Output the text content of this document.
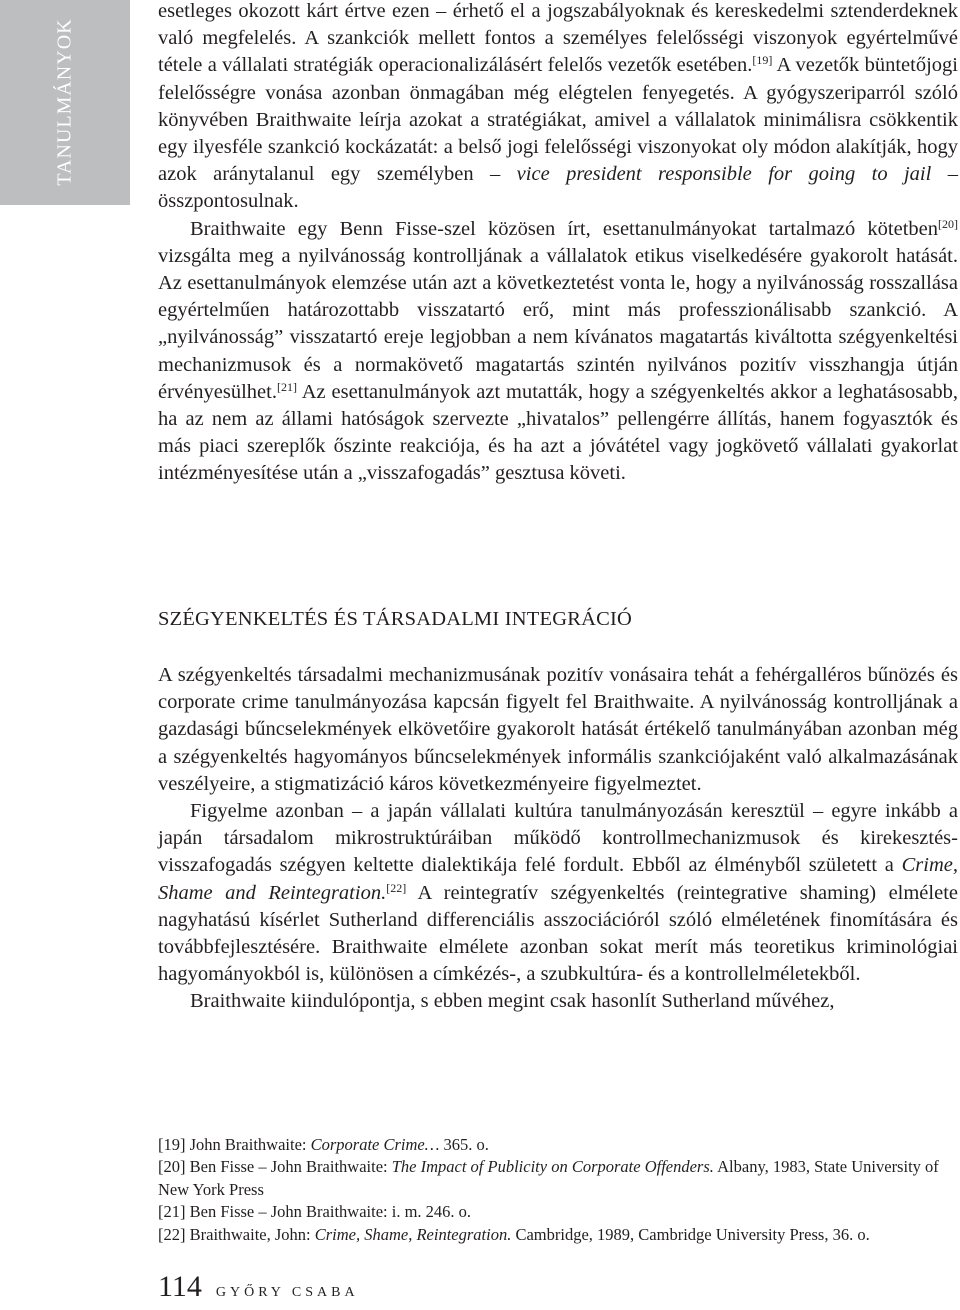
TANULMÁNYOK

esetleges okozott kárt értve ezen – érhető el a jogszabályoknak és kereskedelmi sztenderdeknek való megfelelés. A szankciók mellett fontos a személyes felelősségi viszonyok egyértelművé tétele a vállalati stratégiák operacionalizálásért felelős vezetők esetében.[19] A vezetők büntetőjogi felelősségre vonása azonban önmagában még elégtelen fenyegetés. A gyógyszeriparról szóló könyvében Braithwaite leírja azokat a stratégiákat, amivel a vállalatok minimálisra csökkentik egy ilyesféle szankció kockázatát: a belső jogi felelősségi viszonyokat oly módon alakítják, hogy azok aránytalanul egy személyben – vice president responsible for going to jail – összpontosulnak.

Braithwaite egy Benn Fisse-szel közösen írt, esettanulmányokat tartalmazó kötetben[20] vizsgálta meg a nyilvánosság kontrolljának a vállalatok etikus viselkedésére gyakorolt hatását. Az esettanulmányok elemzése után azt a következtetést vonta le, hogy a nyilvánosság rosszallása egyértelműen határozottabb visszatartó erő, mint más professzionálisabb szankció. A „nyilvánosság” visszatartó ereje legjobban a nem kívánatos magatartás kiváltotta szégyenkeltési mechanizmusok és a normakövető magatartás szintén nyilvános pozitív visszhangja útján érvényesülhet.[21] Az esettanulmányok azt mutatták, hogy a szégyenkeltés akkor a leghatásosabb, ha az nem az állami hatóságok szervezte „hivatalos” pellengérre állítás, hanem fogyasztók és más piaci szereplők őszinte reakciója, és ha azt a jóvátétel vagy jogkövető vállalati gyakorlat intézményesítése után a „visszafogadás” gesztusa követi.

SZÉGYENKELTÉS ÉS TÁRSADALMI INTEGRÁCIÓ

A szégyenkeltés társadalmi mechanizmusának pozitív vonásaira tehát a fehérgalléros bűnözés és corporate crime tanulmányozása kapcsán figyelt fel Braithwaite. A nyilvánosság kontrolljának a gazdasági bűncselekmények elkövetőire gyakorolt hatását értékelő tanulmányában azonban még a szégyenkeltés hagyományos bűncselekmények informális szankciójaként való alkalmazásának veszélyeire, a stigmatizáció káros következményeire figyelmeztet.

Figyelme azonban – a japán vállalati kultúra tanulmányozásán keresztül – egyre inkább a japán társadalom mikrostruktúráiban működő kontrollmechanizmusok és kirekesztés-visszafogadás szégyen keltette dialektikája felé fordult. Ebből az élményből született a Crime, Shame and Reintegration.[22] A reintegratív szégyenkeltés (reintegrative shaming) elmélete nagyhatású kísérlet Sutherland differenciális asszociációról szóló elméletének finomítására és továbbfejlesztésére. Braithwaite elmélete azonban sokat merít más teoretikus kriminológiai hagyományokból is, különösen a címkézés-, a szubkultúra- és a kontrollelméletekből.

Braithwaite kiindulópontja, s ebben megint csak hasonlít Sutherland művéhez,

[19] John Braithwaite: Corporate Crime… 365. o.

[20] Ben Fisse – John Braithwaite: The Impact of Publicity on Corporate Offenders. Albany, 1983, State University of New York Press

[21] Ben Fisse – John Braithwaite: i. m. 246. o.

[22] Braithwaite, John: Crime, Shame, Reintegration. Cambridge, 1989, Cambridge University Press, 36. o.

114 GYŐRY CSABA
